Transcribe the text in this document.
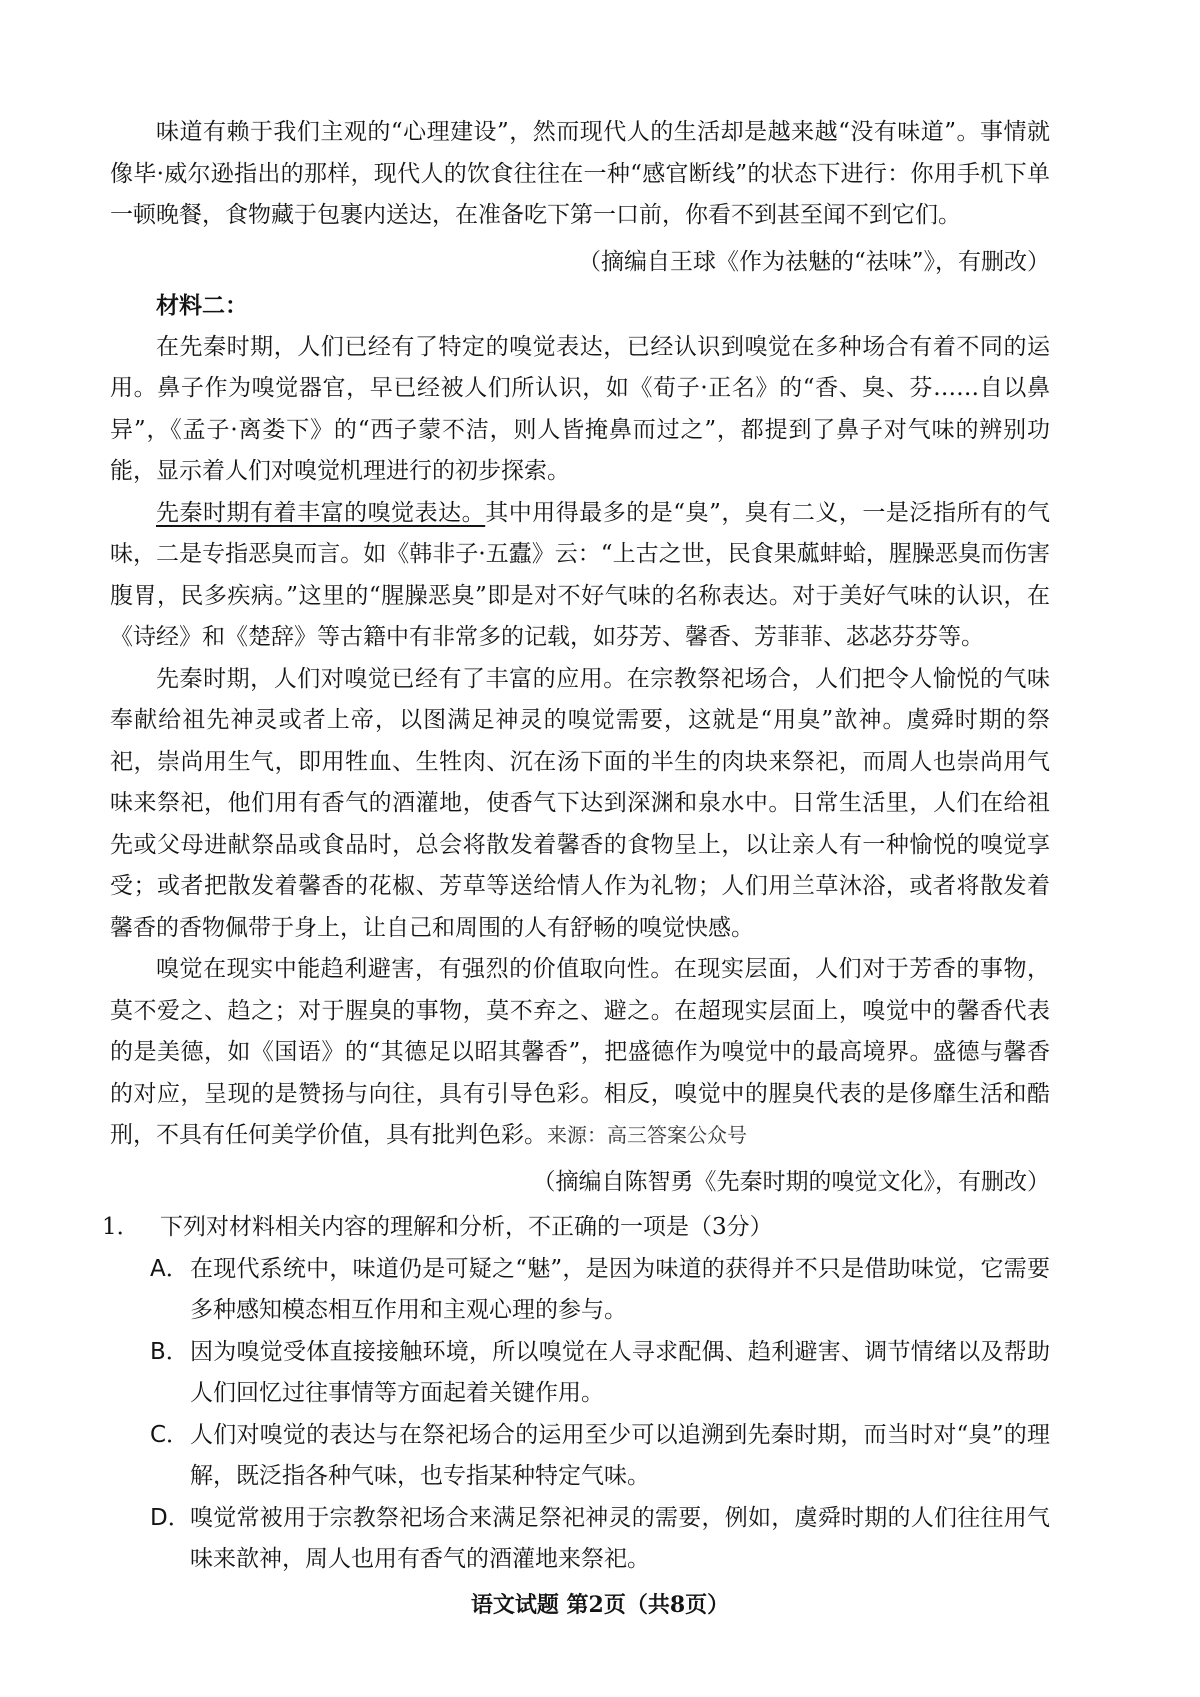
味道有赖于我们主观的“心理建设”，然而现代人的生活却是越来越“没有味道”。事情就像毕·威尔逊指出的那样，现代人的饮食往往在一种“感官断线”的状态下进行：你用手机下单一顿晚餐，食物藏于包裹内送达，在准备吃下第一口前，你看不到甚至闻不到它们。

（摘编自王球《作为祛魅的“祛味”》，有删改）

材料二：

在先秦时期，人们已经有了特定的嗅觉表达，已经认识到嗅觉在多种场合有着不同的运用。鼻子作为嗅觉器官，早已经被人们所认识，如《荀子·正名》的“香、臭、芬……自以鼻异”，《孟子·离娄下》的“西子蒙不洁，则人皆掩鼻而过之”，都提到了鼻子对气味的辨别功能，显示着人们对嗅觉机理进行的初步探索。

先秦时期有着丰富的嗅觉表达。其中用得最多的是“臭”，臭有二义，一是泛指所有的气味，二是专指恶臭而言。如《韩非子·五蠹》云：“上古之世，民食果蓏蚌蛤，腥臊恶臭而伤害腹胃，民多疾病。”这里的“腥臊恶臭”即是对不好气味的名称表达。对于美好气味的认识，在《诗经》和《楚辞》等古籍中有非常多的记载，如芬芳、馨香、芳菲菲、苾苾芬芬等。

先秦时期，人们对嗅觉已经有了丰富的应用。在宗教祭祀场合，人们把令人愉悦的气味奉献给祖先神灵或者上帝，以图满足神灵的嗅觉需要，这就是“用臭”歆神。虞舜时期的祭祀，崇尚用生气，即用牲血、生牲肉、沉在汤下面的半生的肉块来祭祀，而周人也崇尚用气味来祭祀，他们用有香气的酒灌地，使香气下达到深渊和泉水中。日常生活里，人们在给祖先或父母进献祭品或食品时，总会将散发着馨香的食物呈上，以让亲人有一种愉悦的嗅觉享受；或者把散发着馨香的花椒、芳草等送给情人作为礼物；人们用兰草沐浴，或者将散发着馨香的香物佩带于身上，让自己和周围的人有舒畅的嗅觉快感。

嗅觉在现实中能趋利避害，有强烈的价值取向性。在现实层面，人们对于芳香的事物，莫不爱之、趋之；对于腥臭的事物，莫不弃之、避之。在超现实层面上，嗅觉中的馨香代表的是美德，如《国语》的“其德足以昭其馨香”，把盛德作为嗅觉中的最高境界。盛德与馨香的对应，呈现的是赞扬与向往，具有引导色彩。相反，嗅觉中的腥臭代表的是侈靡生活和酷刑，不具有任何美学价值，具有批判色彩。来源：高三答案公众号

（摘编自陈智勇《先秦时期的嗅觉文化》，有删改）

1． 下列对材料相关内容的理解和分析，不正确的一项是（3分）

A． 在现代系统中，味道仍是可疑之“魅”，是因为味道的获得并不只是借助味觉，它需要多种感知模态相互作用和主观心理的参与。

B． 因为嗅觉受体直接接触环境，所以嗅觉在人寻求配偶、趋利避害、调节情绪以及帮助人们回忆过往事情等方面起着关键作用。

C． 人们对嗅觉的表达与在祭祀场合的运用至少可以追溯到先秦时期，而当时对“臭”的理解，既泛指各种气味，也专指某种特定气味。

D． 嗅觉常被用于宗教祭祀场合来满足祭祀神灵的需要，例如，虞舜时期的人们往往用气味来歆神，周人也用有香气的酒灌地来祭祀。

语文试题 第2页（共8页）
